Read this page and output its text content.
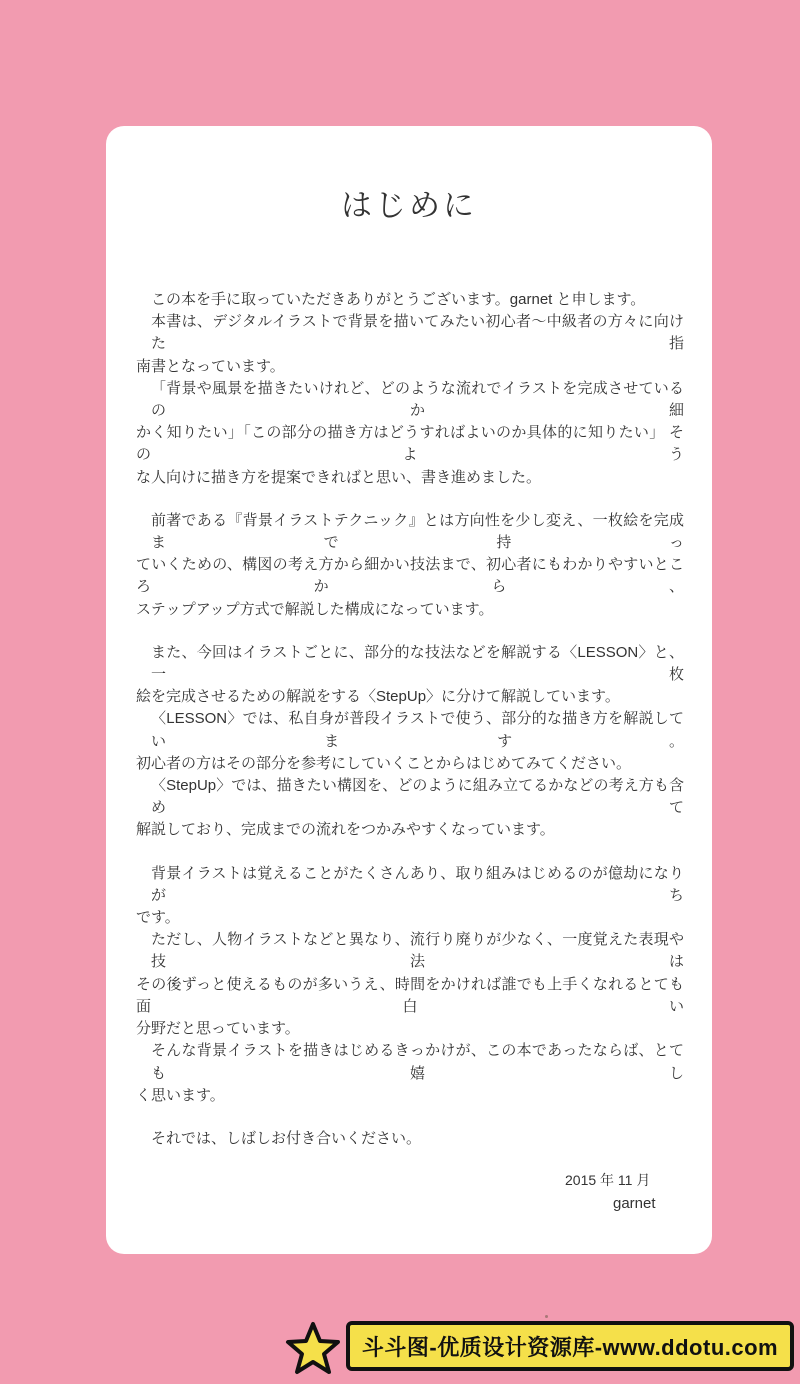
はじめに
この本を手に取っていただきありがとうございます。garnet と申します。
本書は、デジタルイラストで背景を描いてみたい初心者～中級者の方々に向けた指
南書となっています。
「背景や風景を描きたいけれど、どのような流れでイラストを完成させているのか細
かく知りたい」「この部分の描き方はどうすればよいのか具体的に知りたい」 そのよう
な人向けに描き方を提案できればと思い、書き進めました。
前著である『背景イラストテクニック』とは方向性を少し変え、一枚絵を完成まで持っ
ていくための、構図の考え方から細かい技法まで、初心者にもわかりやすいところから、
ステップアップ方式で解説した構成になっています。
また、今回はイラストごとに、部分的な技法などを解説する〈LESSON〉と、一枚
絵を完成させるための解説をする〈StepUp〉に分けて解説しています。
〈LESSON〉では、私自身が普段イラストで使う、部分的な描き方を解説しています。
初心者の方はその部分を参考にしていくことからはじめてみてください。
〈StepUp〉では、描きたい構図を、どのように組み立てるかなどの考え方も含めて
解説しており、完成までの流れをつかみやすくなっています。
背景イラストは覚えることがたくさんあり、取り組みはじめるのが億劫になりがち
です。
ただし、人物イラストなどと異なり、流行り廃りが少なく、一度覚えた表現や技法は
その後ずっと使えるものが多いうえ、時間をかければ誰でも上手くなれるとても面白い
分野だと思っています。
そんな背景イラストを描きはじめるきっかけが、この本であったならば、とても嬉し
く思います。
それでは、しばしお付き合いください。
2015 年 11 月
garnet
斗斗图-优质设计资源库-www.ddotu.com
